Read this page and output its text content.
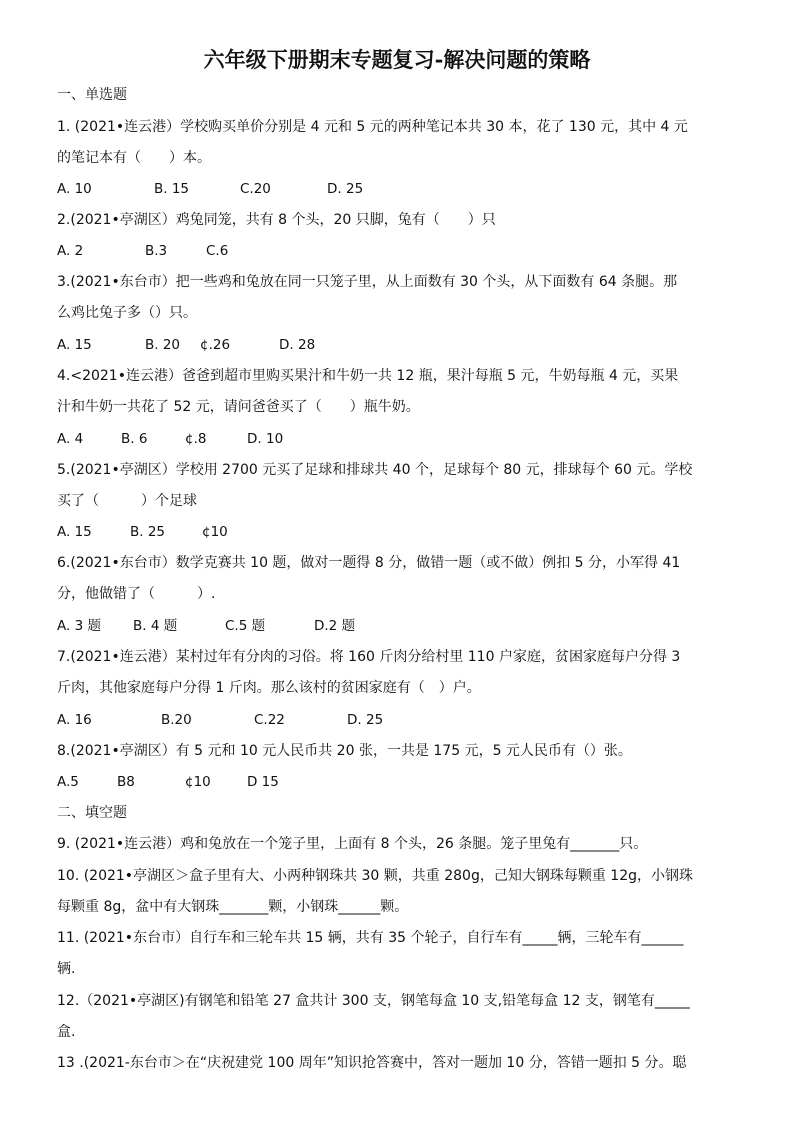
六年级下册期末专题复习-解决问题的策略
一、单选题
1. (2021•连云港）学校购买单价分别是 4 元和 5 元的两种笔记本共 30 本，花了 130 元，其中 4 元
的笔记本有（　　）本。
A. 10	B. 15	C.20	D. 25
2.(2021•亭湖区）鸡兔同笼，共有 8 个头，20 只脚，兔有（　　）只
A. 2	B.3	C.6
3.(2021•东台市）把一些鸡和兔放在同一只笼子里，从上面数有 30 个头，从下面数有 64 条腿。那
么鸡比兔子多（）只。
A. 15	B. 20 ¢.26	D. 28
4.<2021•连云港）爸爸到超市里购买果汁和牛奶一共 12 瓶，果汁每瓶 5 元，牛奶每瓶 4 元，买果
汁和牛奶一共花了 52 元，请问爸爸买了（　　）瓶牛奶。
A. 4	B. 6	¢.8	D. 10
5.(2021•亭湖区）学校用 2700 元买了足球和排球共 40 个，足球每个 80 元，排球每个 60 元。学校
买了（　　　）个足球
A. 15	B. 25	¢10
6.(2021•东台市）数学克赛共 10 题，做对一题得 8 分，做错一题（或不做）例扣 5 分，小军得 41
分，他做错了（　　　）.
A. 3 题 B. 4 题	C.5 题	D.2 题
7.(2021•连云港）某村过年有分肉的习俗。将 160 斤肉分给村里 110 户家庭，贫困家庭每户分得 3
斤肉，其他家庭每户分得 1 斤肉。那么该村的贫困家庭有（　）户。
A. 16	B.20	C.22	D. 25
8.(2021•亭湖区）有 5 元和 10 元人民币共 20 张，一共是 175 元，5 元人民币有（）张。
A.5	B8	¢10	D 15
二、填空题
9. (2021•连云港）鸡和兔放在一个笼子里，上面有 8 个头，26 条腿。笼子里兔有_______只。
10. (2021•亭湖区＞盒子里有大、小两种钢珠共 30 颗，共重 280g，己知大钢珠每颗重 12g，小钢珠
每颗重 8g，盆中有大钢珠_______颗，小钢珠______颗。
11. (2021•东台市）自行车和三轮车共 15 辆，共有 35 个轮子，自行车有_____辆，三轮车有______
辆.
12.（2021•亭湖区)有钢笔和铅笔 27 盒共计 300 支，钢笔每盒 10 支,铅笔每盒 12 支，钢笔有_____
盒.
13 .(2021-东台市＞在“庆祝建党 100 周年”知识抢答赛中，答对一题加 10 分，答错一题扣 5 分。聪
